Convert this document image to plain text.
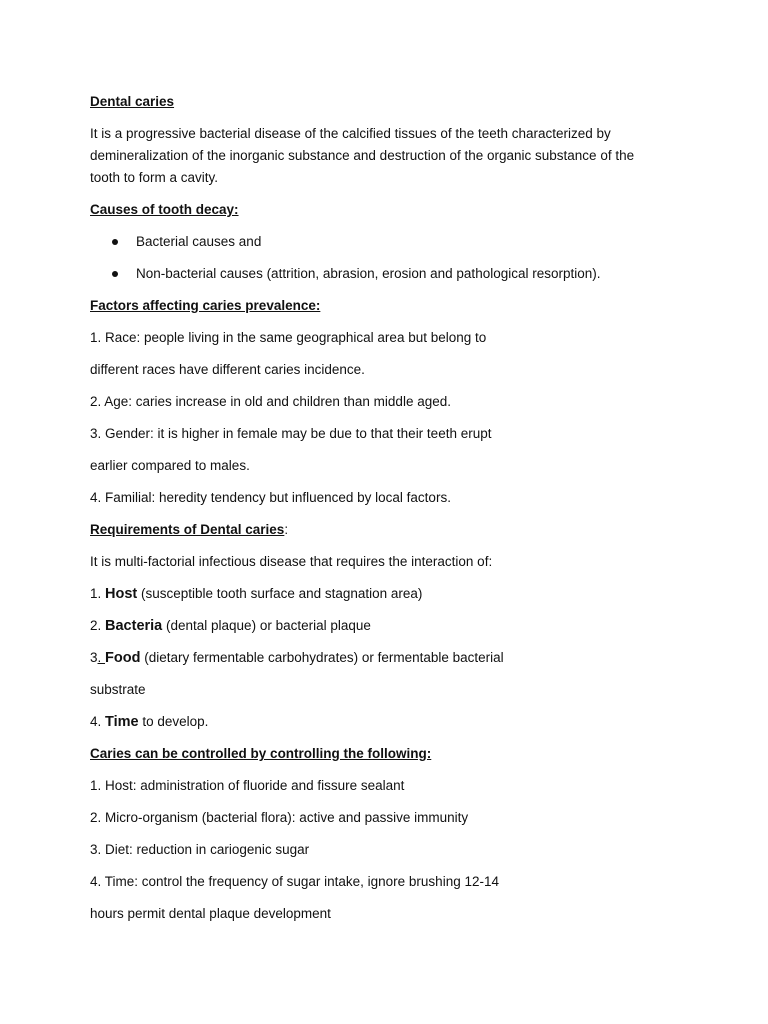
Dental caries
It is a progressive bacterial disease of the calcified tissues of the teeth characterized by
demineralization of the inorganic substance and destruction of the organic substance of the
tooth to form a cavity.
Causes of tooth decay:
Bacterial causes and
Non-bacterial causes (attrition, abrasion, erosion and pathological resorption).
Factors affecting caries prevalence:
1. Race: people living in the same geographical area but belong to
different races have different caries incidence.
2. Age: caries increase in old and children than middle aged.
3. Gender: it is higher in female may be due to that their teeth erupt
earlier compared to males.
4. Familial: heredity tendency but influenced by local factors.
Requirements of Dental caries:
It is multi-factorial infectious disease that requires the interaction of:
1. Host (susceptible tooth surface and stagnation area)
2. Bacteria (dental plaque) or bacterial plaque
3. Food (dietary fermentable carbohydrates) or fermentable bacterial
substrate
4. Time to develop.
Caries can be controlled by controlling the following:
1. Host: administration of fluoride and fissure sealant
2. Micro-organism (bacterial flora): active and passive immunity
3. Diet: reduction in cariogenic sugar
4. Time: control the frequency of sugar intake, ignore brushing 12-14
hours permit dental plaque development
